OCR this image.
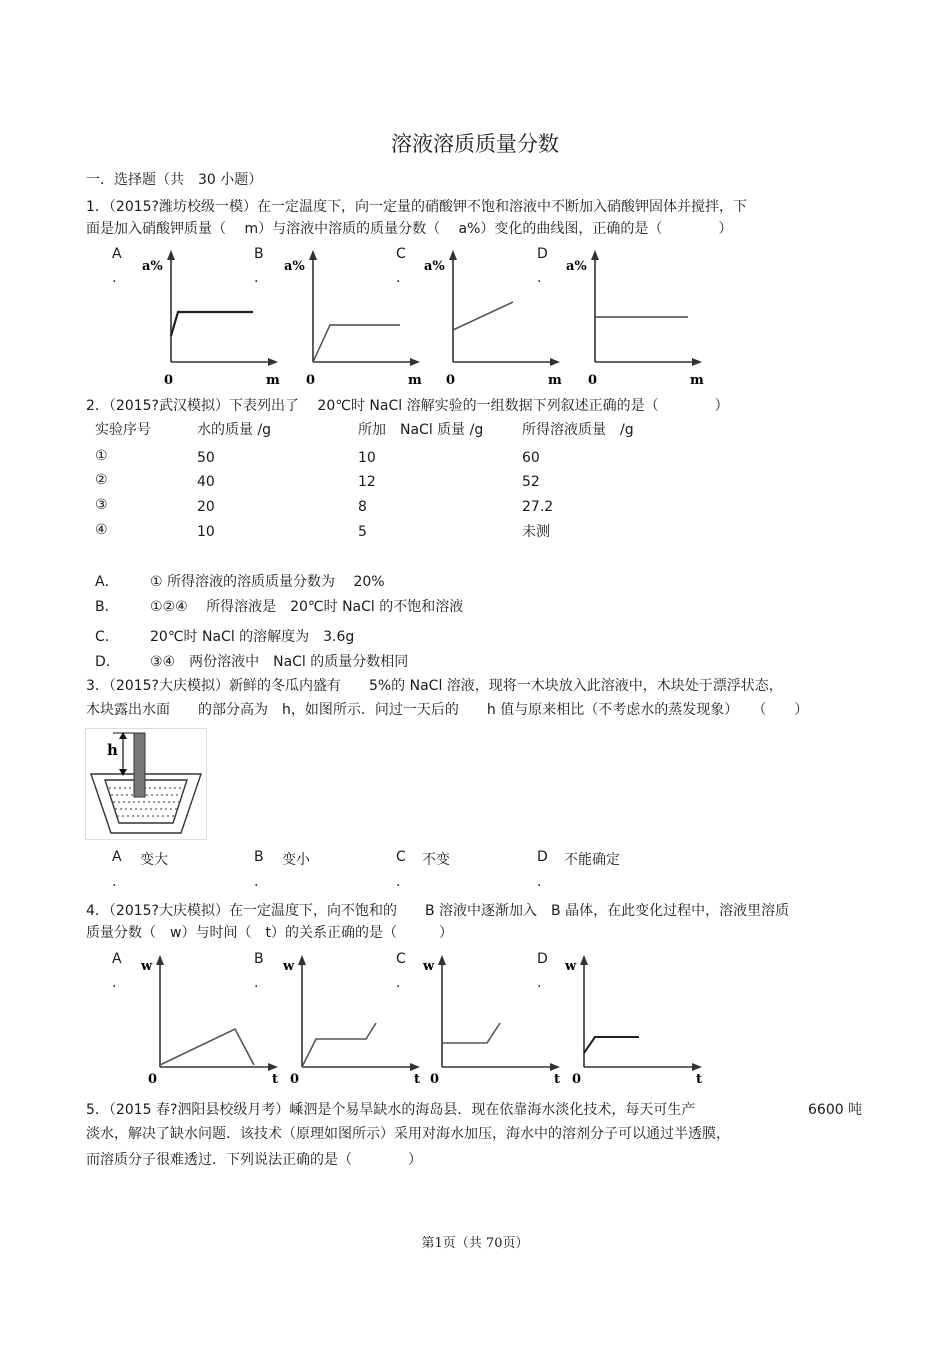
溶液溶质质量分数
一．选择题（共　30 小题）
1．（2015?潍坊校级一模）在一定温度下，向一定量的硝酸钾不饱和溶液中不断加入硝酸钾固体并搅拌，下
面是加入硝酸钾质量（　 m）与溶液中溶质的质量分数（　 a%）变化的曲线图，正确的是（　　　　）
A
.
B
.
C
.
D
.
a%
0	m
a%
0	m
a%
0	m
a%
0	m
2．（2015?武汉模拟）下表列出了　 20℃时 NaCl 溶解实验的一组数据下列叙述正确的是（　　　　）
实验序号	水的质量 /g	所加　NaCl 质量 /g	所得溶液质量　/g
①	50	10	60
②	40	12	52
③	20	8	27.2
④	10	5	未测
A． ① 所得溶液的溶质质量分数为　 20%
B． ①②④　 所得溶液是　20℃时 NaCl 的不饱和溶液
C． 20℃时 NaCl 的溶解度为　3.6g
D． ③④　两份溶液中　NaCl 的质量分数相同
3．（2015?大庆模拟）新鲜的冬瓜内盛有　　5%的 NaCl 溶液，现将一木块放入此溶液中，木块处于漂浮状态，
木块露出水面　　的部分高为　h，如图所示．问过一天后的　　h 值与原来相比（不考虑水的蒸发现象）　　（　　）
h
A 变大
.
B 变小
.
C 不变
.
D 不能确定
.
4．（2015?大庆模拟）在一定温度下，向不饱和的　　B 溶液中逐渐加入　B 晶体，在此变化过程中，溶液里溶质
质量分数（　w）与时间（　t）的关系正确的是（　　　）
A
.
B
.
C
.
D
.
w
0	t
w
0	t
w
0	t
w
0	t
5．（2015 春?泗阳县校级月考）嵊泗是个易旱缺水的海岛县．现在依靠海水淡化技术，每天可生产	6600 吨
淡水，解决了缺水问题．该技术（原理如图所示）采用对海水加压，海水中的溶剂分子可以通过半透膜，
而溶质分子很难透过．下列说法正确的是（　　　　）
第1页（共 70页）
